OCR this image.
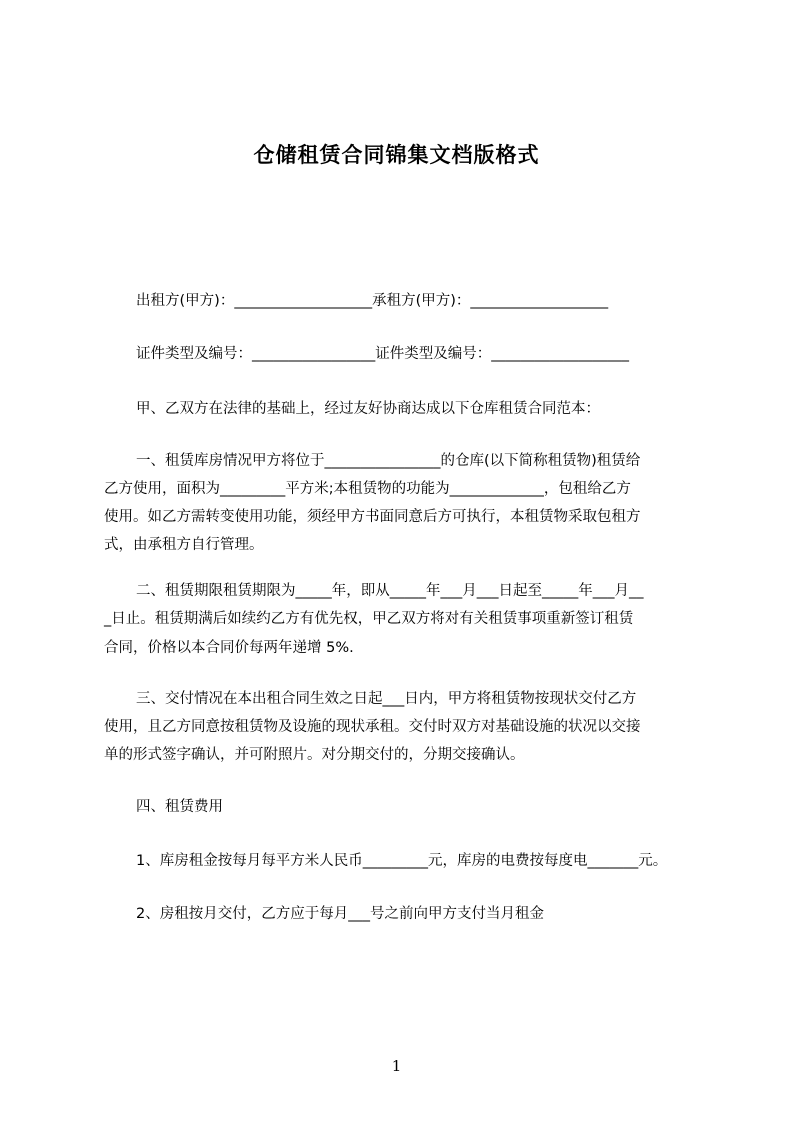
仓储租赁合同锦集文档版格式
出租方(甲方)：___________________承租方(甲方)：___________________
证件类型及编号：_________________证件类型及编号：___________________
甲、乙双方在法律的基础上，经过友好协商达成以下仓库租赁合同范本：
一、租赁库房情况甲方将位于________________的仓库(以下简称租赁物)租赁给
乙方使用，面积为_________平方米;本租赁物的功能为_____________，包租给乙方
使用。如乙方需转变使用功能，须经甲方书面同意后方可执行，本租赁物采取包租方
式，由承租方自行管理。
二、租赁期限租赁期限为_____年，即从_____年___月___日起至_____年___月__
_日止。租赁期满后如续约乙方有优先权，甲乙双方将对有关租赁事项重新签订租赁
合同，价格以本合同价每两年递增 5%.
三、交付情况在本出租合同生效之日起___日内，甲方将租赁物按现状交付乙方
使用，且乙方同意按租赁物及设施的现状承租。交付时双方对基础设施的状况以交接
单的形式签字确认，并可附照片。对分期交付的，分期交接确认。
四、租赁费用
1、库房租金按每月每平方米人民币_________元，库房的电费按每度电_______元。
2、房租按月交付，乙方应于每月___号之前向甲方支付当月租金
1
